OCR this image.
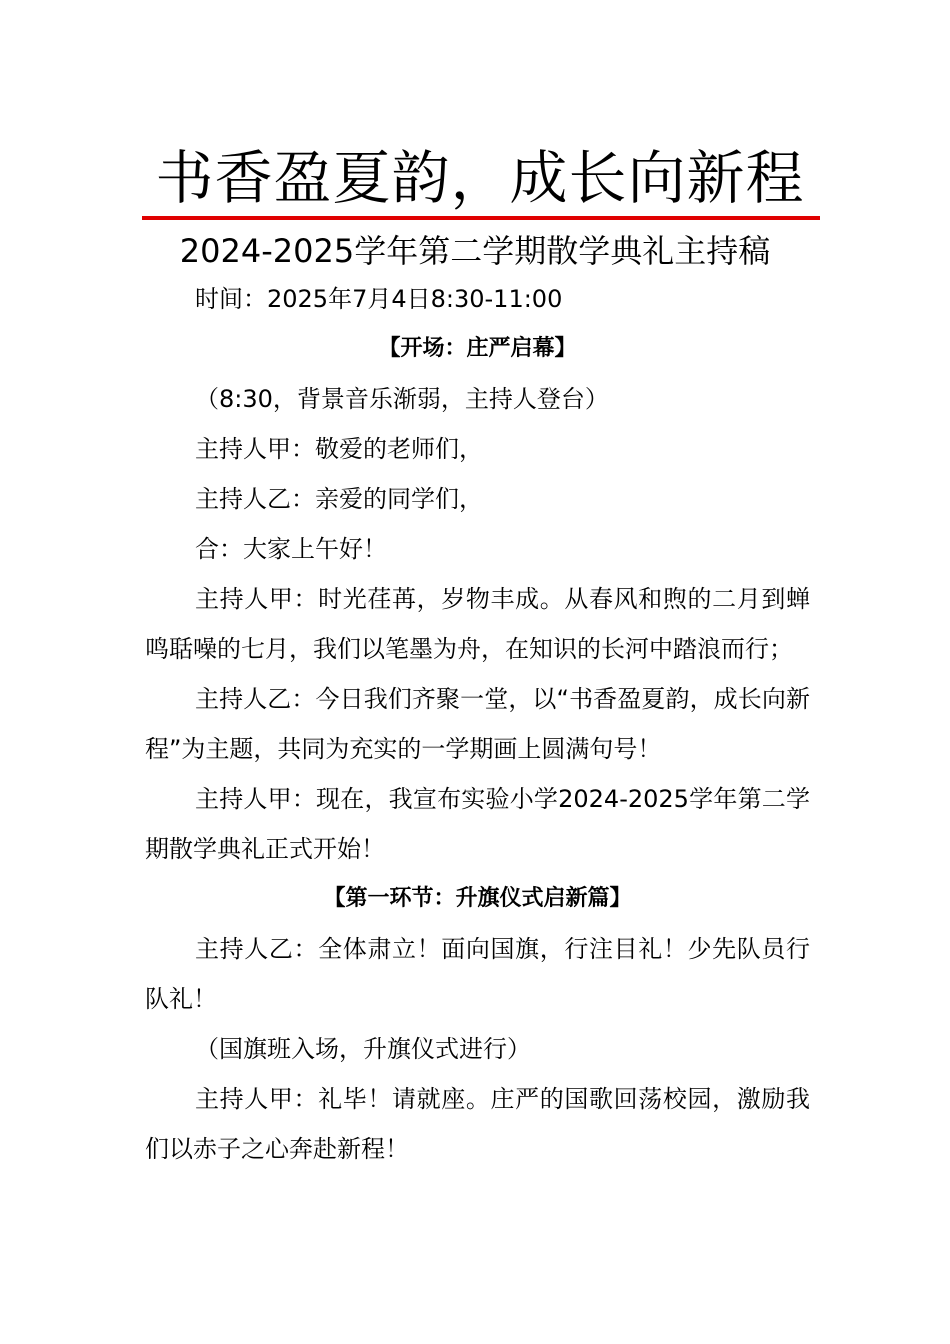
书香盈夏韵，成长向新程
2024-2025学年第二学期散学典礼主持稿

时间：2025年7月4日8:30-11:00

【开场：庄严启幕】

（8:30，背景音乐渐弱，主持人登台）

主持人甲：敬爱的老师们，

主持人乙：亲爱的同学们，

合：大家上午好！

主持人甲：时光荏苒，岁物丰成。从春风和煦的二月到蝉鸣聒噪的七月，我们以笔墨为舟，在知识的长河中踏浪而行；

主持人乙：今日我们齐聚一堂，以“书香盈夏韵，成长向新程”为主题，共同为充实的一学期画上圆满句号！

主持人甲：现在，我宣布实验小学2024-2025学年第二学期散学典礼正式开始！

【第一环节：升旗仪式启新篇】

主持人乙：全体肃立！面向国旗，行注目礼！少先队员行队礼！

（国旗班入场，升旗仪式进行）

主持人甲：礼毕！请就座。庄严的国歌回荡校园，激励我们以赤子之心奔赴新程！
